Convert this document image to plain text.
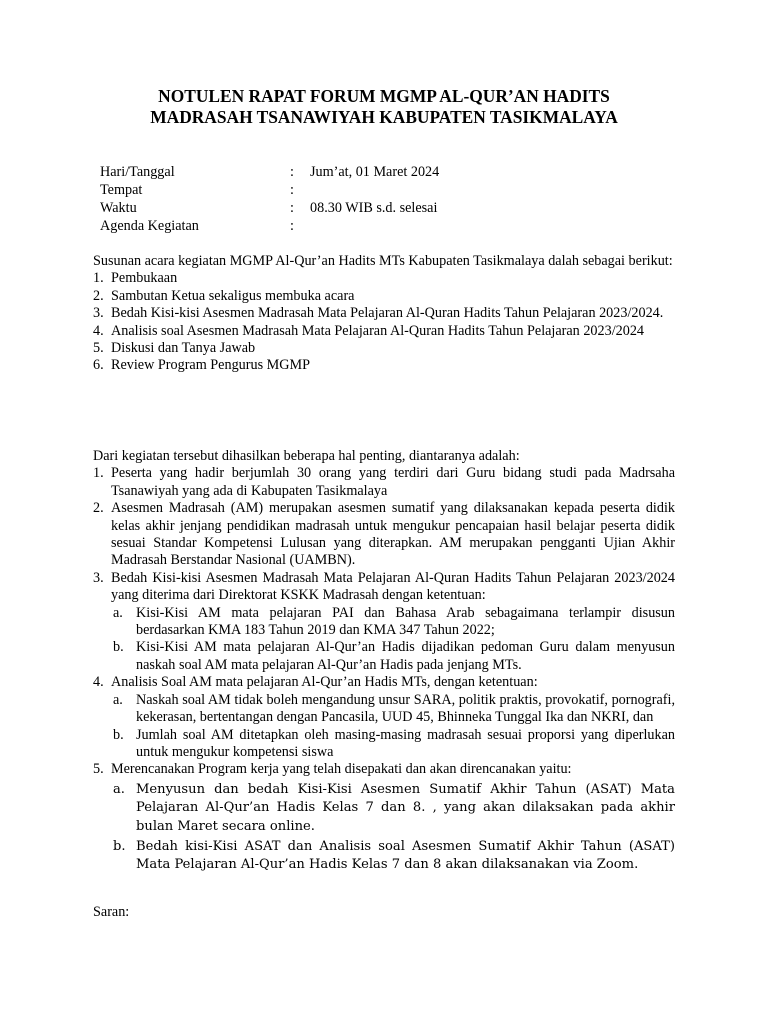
NOTULEN RAPAT FORUM MGMP AL-QUR’AN HADITS
MADRASAH TSANAWIYAH KABUPATEN TASIKMALAYA
Hari/Tanggal	:	Jum’at, 01 Maret 2024
Tempat	:
Waktu	:	08.30 WIB s.d. selesai
Agenda Kegiatan	:
Susunan acara kegiatan MGMP Al-Qur’an Hadits MTs Kabupaten Tasikmalaya dalah sebagai berikut:
1. Pembukaan
2. Sambutan Ketua sekaligus membuka acara
3. Bedah Kisi-kisi Asesmen Madrasah Mata Pelajaran Al-Quran Hadits Tahun Pelajaran 2023/2024.
4. Analisis soal Asesmen Madrasah Mata Pelajaran Al-Quran Hadits Tahun Pelajaran 2023/2024
5. Diskusi dan Tanya Jawab
6. Review Program Pengurus MGMP
Dari kegiatan tersebut dihasilkan beberapa hal penting, diantaranya adalah:
1. Peserta yang hadir berjumlah 30 orang yang terdiri dari Guru bidang studi pada Madrsaha Tsanawiyah yang ada di Kabupaten Tasikmalaya
2. Asesmen Madrasah (AM) merupakan asesmen sumatif yang dilaksanakan kepada peserta didik kelas akhir jenjang pendidikan madrasah untuk mengukur pencapaian hasil belajar peserta didik sesuai Standar Kompetensi Lulusan yang diterapkan. AM merupakan pengganti Ujian Akhir Madrasah Berstandar Nasional (UAMBN).
3. Bedah Kisi-kisi Asesmen Madrasah Mata Pelajaran Al-Quran Hadits Tahun Pelajaran 2023/2024 yang diterima dari Direktorat KSKK Madrasah dengan ketentuan:
a. Kisi-Kisi AM mata pelajaran PAI dan Bahasa Arab sebagaimana terlampir disusun berdasarkan KMA 183 Tahun 2019 dan KMA 347 Tahun 2022;
b. Kisi-Kisi AM mata pelajaran Al-Qur’an Hadis dijadikan pedoman Guru dalam menyusun naskah soal AM mata pelajaran Al-Qur’an Hadis pada jenjang MTs.
4. Analisis Soal AM mata pelajaran Al-Qur’an Hadis MTs, dengan ketentuan:
a. Naskah soal AM tidak boleh mengandung unsur SARA, politik praktis, provokatif, pornografi, kekerasan, bertentangan dengan Pancasila, UUD 45, Bhinneka Tunggal Ika dan NKRI, dan
b. Jumlah soal AM ditetapkan oleh masing-masing madrasah sesuai proporsi yang diperlukan untuk mengukur kompetensi siswa
5. Merencanakan Program kerja yang telah disepakati dan akan direncanakan yaitu:
a. Menyusun dan bedah Kisi-Kisi Asesmen Sumatif Akhir Tahun (ASAT) Mata Pelajaran Al-Qur’an Hadis Kelas 7 dan 8. , yang akan dilaksakan pada akhir bulan Maret secara online.
b. Bedah kisi-Kisi ASAT dan Analisis soal Asesmen Sumatif Akhir Tahun (ASAT) Mata Pelajaran Al-Qur’an Hadis Kelas 7 dan 8 akan dilaksanakan via Zoom.
Saran:
